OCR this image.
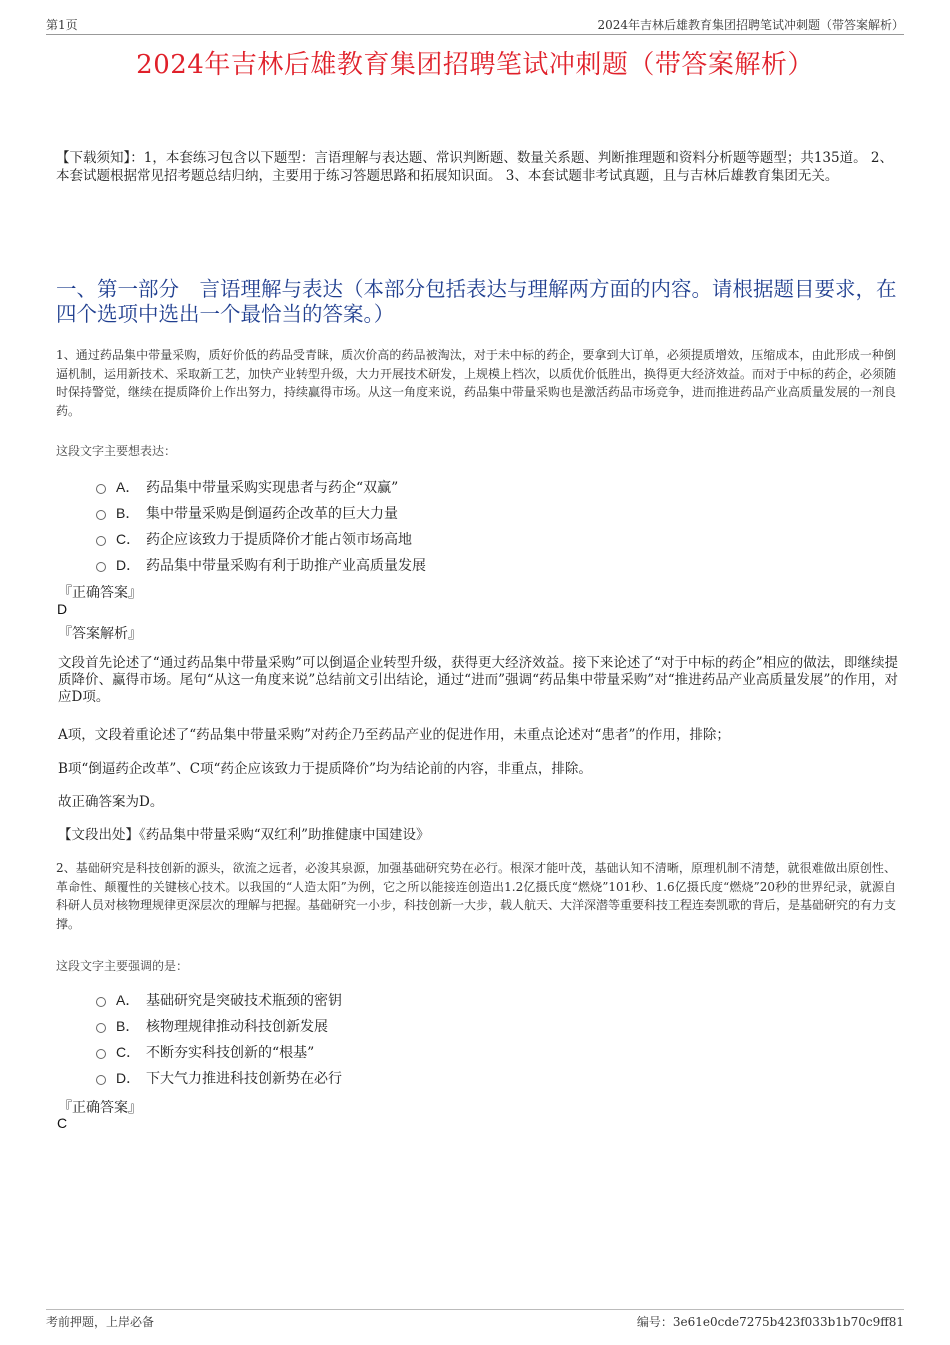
第1页	2024年吉林后雄教育集团招聘笔试冲刺题（带答案解析）
2024年吉林后雄教育集团招聘笔试冲刺题（带答案解析）
【下载须知】：1，本套练习包含以下题型：言语理解与表达题、常识判断题、数量关系题、判断推理题和资料分析题等题型；共135道。 2、本套试题根据常见招考题总结归纳，主要用于练习答题思路和拓展知识面。 3、本套试题非考试真题，且与吉林后雄教育集团无关。
一、第一部分　言语理解与表达（本部分包括表达与理解两方面的内容。请根据题目要求，在四个选项中选出一个最恰当的答案。）
1、通过药品集中带量采购，质好价低的药品受青睐，质次价高的药品被淘汰，对于未中标的药企，要拿到大订单，必须提质增效，压缩成本，由此形成一种倒逼机制，运用新技术、采取新工艺，加快产业转型升级，大力开展技术研发，上规模上档次，以质优价低胜出，换得更大经济效益。而对于中标的药企，必须随时保持警觉，继续在提质降价上作出努力，持续赢得市场。从这一角度来说，药品集中带量采购也是激活药品市场竞争，进而推进药品产业高质量发展的一剂良药。
这段文字主要想表达：
A． 药品集中带量采购实现患者与药企“双赢”
B． 集中带量采购是倒逼药企改革的巨大力量
C． 药企应该致力于提质降价才能占领市场高地
D． 药品集中带量采购有利于助推产业高质量发展
『正确答案』
D
『答案解析』
文段首先论述了“通过药品集中带量采购”可以倒逼企业转型升级，获得更大经济效益。接下来论述了“对于中标的药企”相应的做法，即继续提质降价、赢得市场。尾句“从这一角度来说”总结前文引出结论，通过“进而”强调“药品集中带量采购”对“推进药品产业高质量发展”的作用，对应D项。
A项，文段着重论述了“药品集中带量采购”对药企乃至药品产业的促进作用，未重点论述对“患者”的作用，排除；
B项“倒逼药企改革”、C项“药企应该致力于提质降价”均为结论前的内容，非重点，排除。
故正确答案为D。
【文段出处】《药品集中带量采购“双红利”助推健康中国建设》
2、基础研究是科技创新的源头，欲流之远者，必浚其泉源，加强基础研究势在必行。根深才能叶茂，基础认知不清晰，原理机制不清楚，就很难做出原创性、革命性、颠覆性的关键核心技术。以我国的“人造太阳”为例，它之所以能接连创造出1.2亿摄氏度“燃烧”101秒、1.6亿摄氏度“燃烧”20秒的世界纪录，就源自科研人员对核物理规律更深层次的理解与把握。基础研究一小步，科技创新一大步，载人航天、大洋深潜等重要科技工程连奏凯歌的背后，是基础研究的有力支撑。
这段文字主要强调的是：
A． 基础研究是突破技术瓶颈的密钥
B． 核物理规律推动科技创新发展
C． 不断夯实科技创新的“根基”
D． 下大气力推进科技创新势在必行
『正确答案』
C
考前押题，上岸必备	编号：3e61e0cde7275b423f033b1b70c9ff81
